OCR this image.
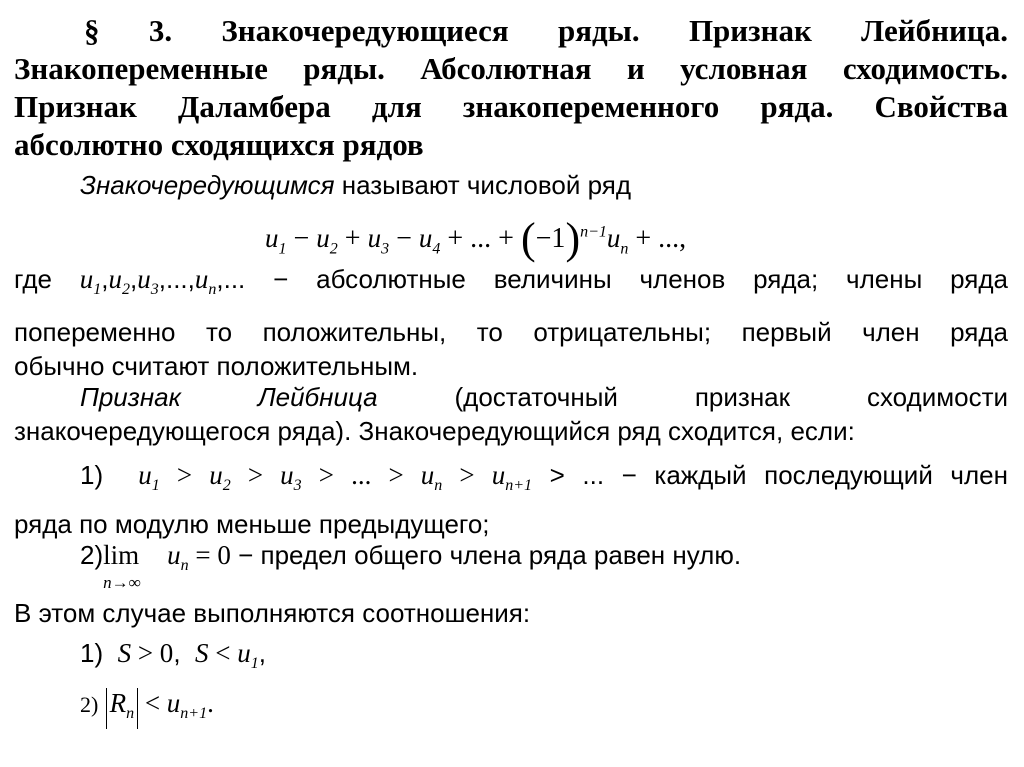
§ 3. Знакочередующиеся ряды. Признак Лейбница.
Знакопеременные ряды. Абсолютная и условная сходимость.
Признак Даламбера для знакопеременного ряда. Свойства
абсолютно сходящихся рядов
Знакочередующимся называют числовой ряд
$u_1 - u_2 + u_3 - u_4$ + ... + $(-1)^{n-1}u_n$ + ...,
где $u_1,u_2,u_3,...,u_n$,... − абсолютные величины членов ряда; члены ряда
попеременно то положительны, то отрицательны; первый член ряда
обычно считают положительным.
Признак Лейбница (достаточный признак сходимости
знакочередующегося ряда). Знакочередующийся ряд сходится, если:
1) $u_1 > u_2 > u_3$ > ... > $u_n > u_{n+1}$ > ... − каждый последующий член
ряда по модулю меньше предыдущего;
2)lim
n→∞
$u_n = 0$ − предел общего члена ряда равен нулю.
В этом случае выполняются соотношения:
1) S > 0,  $S < u_1$,
2) $R_n < u_{n+1}$.
